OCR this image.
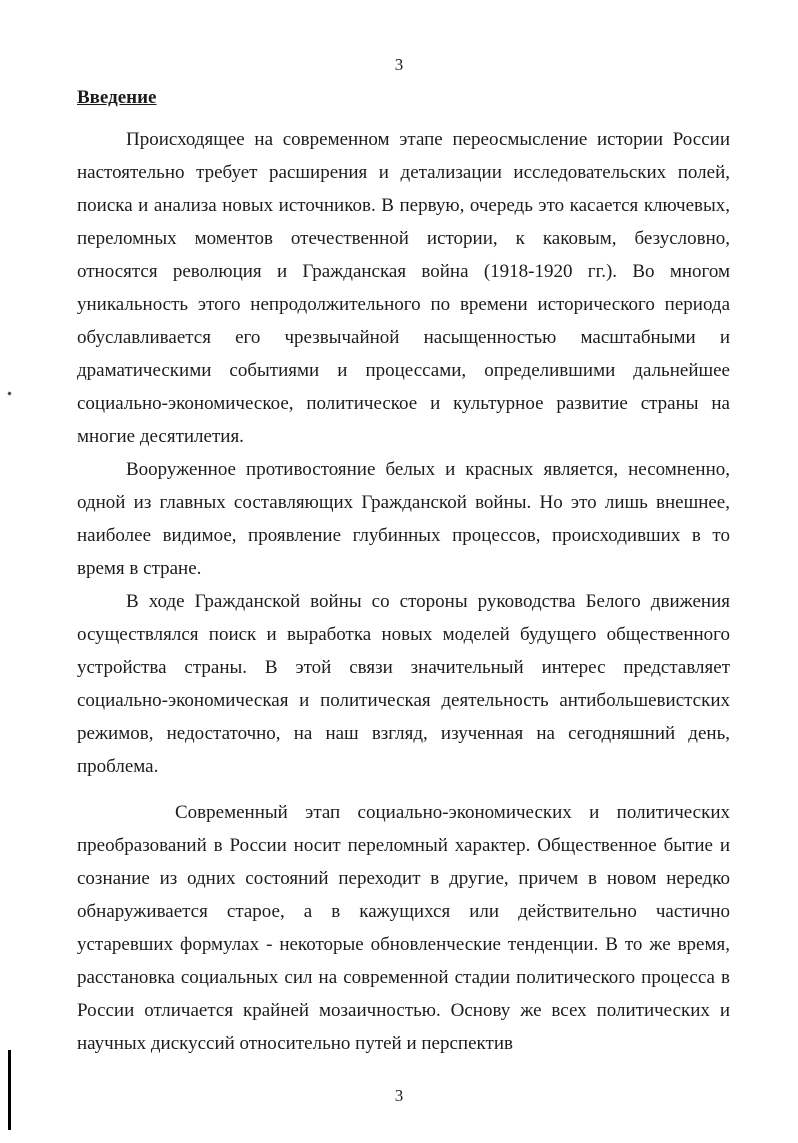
3
Введение

Происходящее на современном этапе переосмысление истории России настоятельно требует расширения и детализации исследовательских полей, поиска и анализа новых источников. В первую, очередь это касается ключевых, переломных моментов отечественной истории, к каковым, безусловно, относятся революция и Гражданская война (1918-1920 гг.). Во многом уникальность этого непродолжительного по времени исторического периода обуславливается его чрезвычайной насыщенностью масштабными и драматическими событиями и процессами, определившими дальнейшее социально-экономическое, политическое и культурное развитие страны на многие десятилетия.

Вооруженное противостояние белых и красных является, несомненно, одной из главных составляющих Гражданской войны. Но это лишь внешнее, наиболее видимое, проявление глубинных процессов, происходивших в то время в стране.

В ходе Гражданской войны со стороны руководства Белого движения осуществлялся поиск и выработка новых моделей будущего общественного устройства страны. В этой связи значительный интерес представляет социально-экономическая и политическая деятельность антибольшевистских режимов, недостаточно, на наш взгляд, изученная на сегодняшний день, проблема.

Современный этап социально-экономических и политических преобразований в России носит переломный характер. Общественное бытие и сознание из одних состояний переходит в другие, причем в новом нередко обнаруживается старое, а в кажущихся или действительно частично устаревших формулах - некоторые обновленческие тенденции. В то же время, расстановка социальных сил на современной стадии политического процесса в России отличается крайней мозаичностью. Основу же всех политических и научных дискуссий относительно путей и перспектив

3
